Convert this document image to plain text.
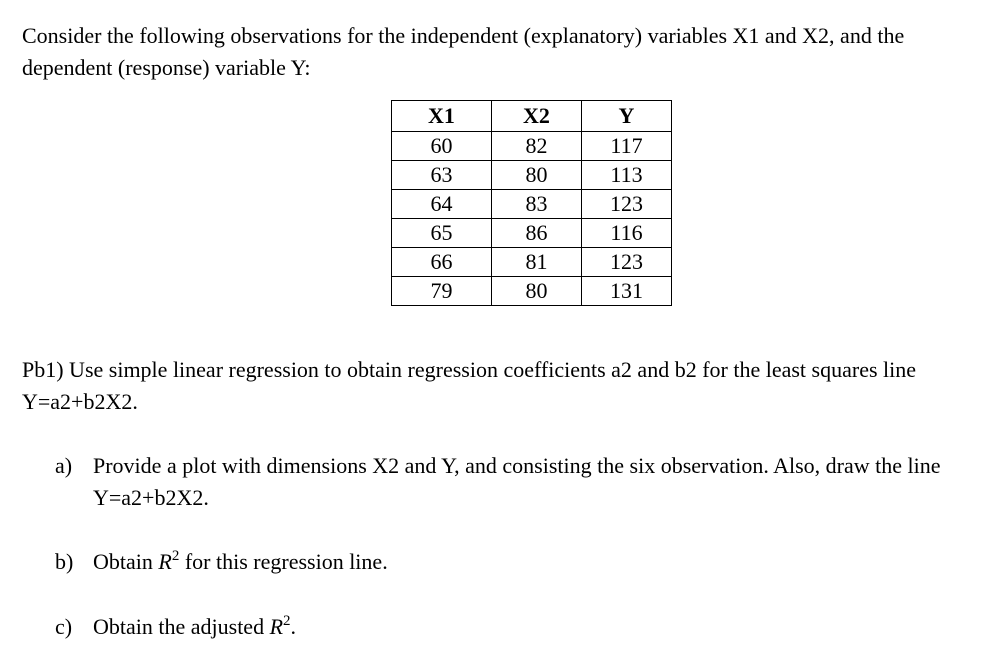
Consider the following observations for the independent (explanatory) variables X1 and X2, and the dependent (response) variable Y:

X1	X2	Y
60	82	117
63	80	113
64	83	123
65	86	116
66	81	123
79	80	131

Pb1) Use simple linear regression to obtain regression coefficients a2 and b2 for the least squares line Y=a2+b2X2.

a) Provide a plot with dimensions X2 and Y, and consisting the six observation. Also, draw the line Y=a2+b2X2.

b) Obtain $R^2$ for this regression line.

c) Obtain the adjusted $R^2$.
